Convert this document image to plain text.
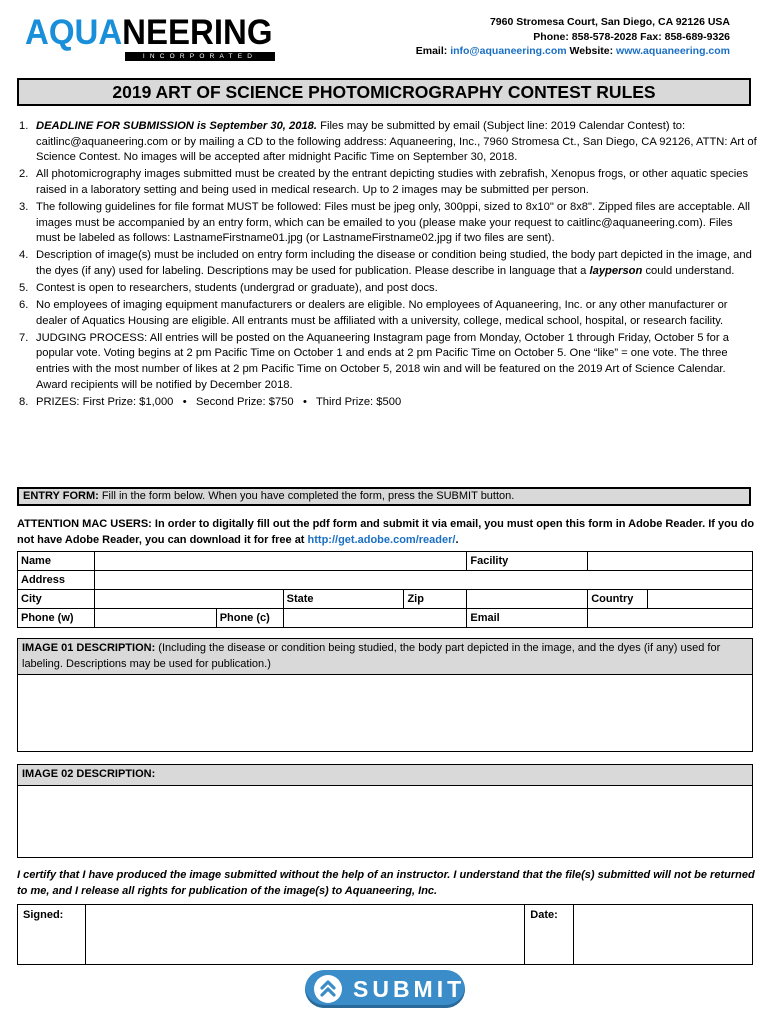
AQUANEERING
INCORPORATED
7960 Stromesa Court, San Diego, CA 92126 USA
Phone: 858-578-2028 Fax: 858-689-9326
Email: info@aquaneering.com Website: www.aquaneering.com
2019 ART OF SCIENCE PHOTOMICROGRAPHY CONTEST RULES
1. DEADLINE FOR SUBMISSION is September 30, 2018. Files may be submitted by email (Subject line: 2019 Calendar Contest) to: caitlinc@aquaneering.com or by mailing a CD to the following address: Aquaneering, Inc., 7960 Stromesa Ct., San Diego, CA 92126, ATTN: Art of Science Contest. No images will be accepted after midnight Pacific Time on September 30, 2018.
2. All photomicrography images submitted must be created by the entrant depicting studies with zebrafish, Xenopus frogs, or other aquatic species raised in a laboratory setting and being used in medical research. Up to 2 images may be submitted per person.
3. The following guidelines for file format MUST be followed: Files must be jpeg only, 300ppi, sized to 8x10" or 8x8". Zipped files are acceptable. All images must be accompanied by an entry form, which can be emailed to you (please make your request to caitlinc@aquaneering.com). Files must be labeled as follows: LastnameFirstname01.jpg (or LastnameFirstname02.jpg if two files are sent).
4. Description of image(s) must be included on entry form including the disease or condition being studied, the body part depicted in the image, and the dyes (if any) used for labeling. Descriptions may be used for publication. Please describe in language that a layperson could understand.
5. Contest is open to researchers, students (undergrad or graduate), and post docs.
6. No employees of imaging equipment manufacturers or dealers are eligible. No employees of Aquaneering, Inc. or any other manufacturer or dealer of Aquatics Housing are eligible. All entrants must be affiliated with a university, college, medical school, hospital, or research facility.
7. JUDGING PROCESS: All entries will be posted on the Aquaneering Instagram page from Monday, October 1 through Friday, October 5 for a popular vote. Voting begins at 2 pm Pacific Time on October 1 and ends at 2 pm Pacific Time on October 5. One “like” = one vote. The three entries with the most number of likes at 2 pm Pacific Time on October 5, 2018 win and will be featured on the 2019 Art of Science Calendar. Award recipients will be notified by December 2018.
8. PRIZES: First Prize: $1,000   •   Second Prize: $750   •   Third Prize: $500
ENTRY FORM: Fill in the form below. When you have completed the form, press the SUBMIT button.
ATTENTION MAC USERS: In order to digitally fill out the pdf form and submit it via email, you must open this form in Adobe Reader. If you do not have Adobe Reader, you can download it for free at http://get.adobe.com/reader/.
Name					Facility		
Address							
City			State	Zip		Country	
Phone (w)		Phone (c)			Email		
IMAGE 01 DESCRIPTION: (Including the disease or condition being studied, the body part depicted in the image, and the dyes (if any) used for labeling. Descriptions may be used for publication.)
IMAGE 02 DESCRIPTION:
I certify that I have produced the image submitted without the help of an instructor. I understand that the file(s) submitted will not be returned to me, and I release all rights for publication of the image(s) to Aquaneering, Inc.
Signed:		Date:	
SUBMIT
